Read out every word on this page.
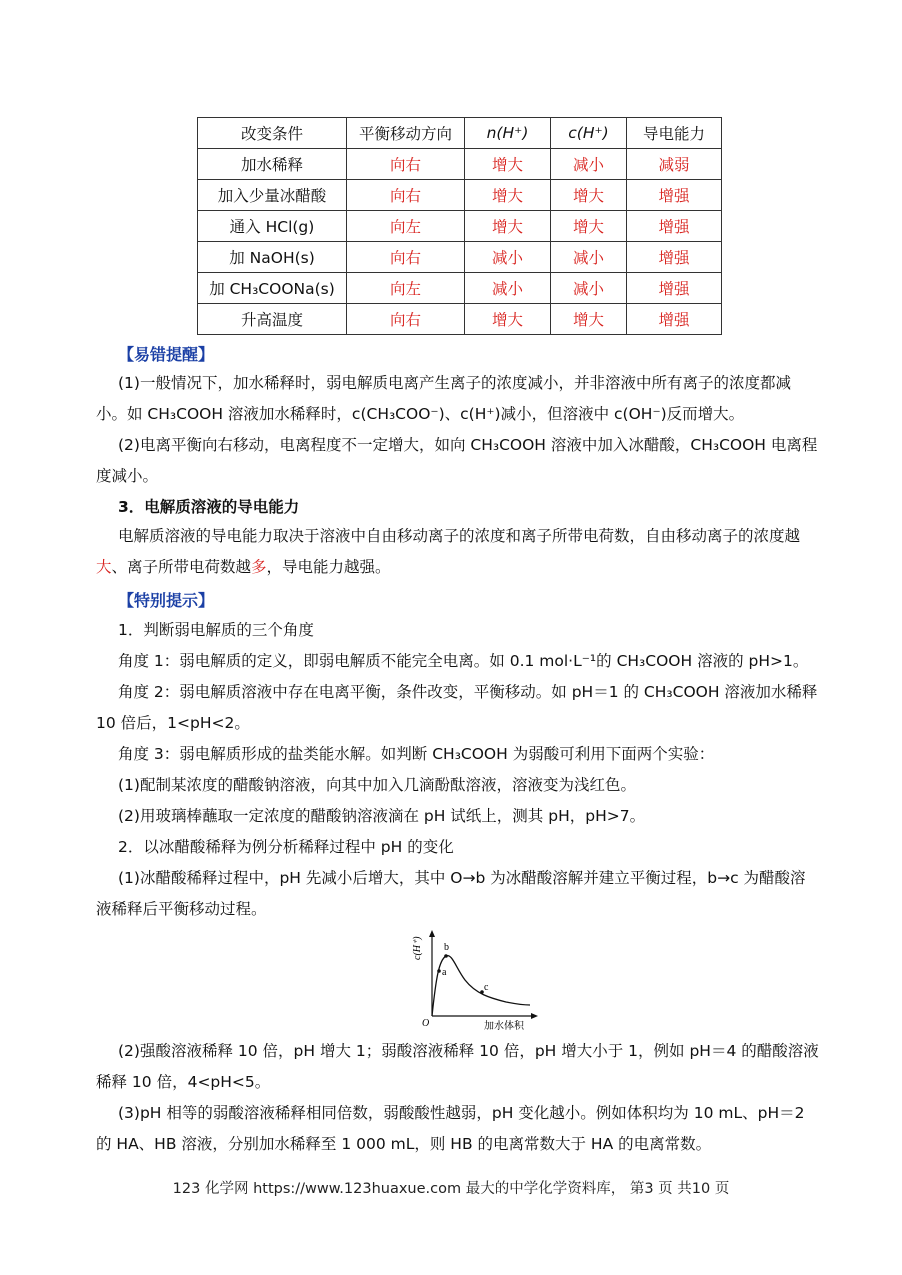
改变条件	平衡移动方向	n(H⁺)	c(H⁺)	导电能力
加水稀释	向右	增大	减小	减弱
加入少量冰醋酸	向右	增大	增大	增强
通入 HCl(g)	向左	增大	增大	增强
加 NaOH(s)	向右	减小	减小	增强
加 CH₃COONa(s)	向左	减小	减小	增强
升高温度	向右	增大	增大	增强
【易错提醒】
(1)一般情况下，加水稀释时，弱电解质电离产生离子的浓度减小，并非溶液中所有离子的浓度都减小。如 CH₃COOH 溶液加水稀释时，c(CH₃COO⁻)、c(H⁺)减小，但溶液中 c(OH⁻)反而增大。
(2)电离平衡向右移动，电离程度不一定增大，如向 CH₃COOH 溶液中加入冰醋酸，CH₃COOH 电离程度减小。
3．电解质溶液的导电能力
电解质溶液的导电能力取决于溶液中自由移动离子的浓度和离子所带电荷数，自由移动离子的浓度越大、离子所带电荷数越多，导电能力越强。
【特别提示】
1．判断弱电解质的三个角度
角度 1：弱电解质的定义，即弱电解质不能完全电离。如 0.1 mol·L⁻¹的 CH₃COOH 溶液的 pH>1。
角度 2：弱电解质溶液中存在电离平衡，条件改变，平衡移动。如 pH＝1 的 CH₃COOH 溶液加水稀释 10 倍后，1<pH<2。
角度 3：弱电解质形成的盐类能水解。如判断 CH₃COOH 为弱酸可利用下面两个实验：
(1)配制某浓度的醋酸钠溶液，向其中加入几滴酚酞溶液，溶液变为浅红色。
(2)用玻璃棒蘸取一定浓度的醋酸钠溶液滴在 pH 试纸上，测其 pH，pH>7。
2．以冰醋酸稀释为例分析稀释过程中 pH 的变化
(1)冰醋酸稀释过程中，pH 先减小后增大，其中 O→b 为冰醋酸溶解并建立平衡过程，b→c 为醋酸溶液稀释后平衡移动过程。
c(H⁺)
a
b
c
O	加水体积
(2)强酸溶液稀释 10 倍，pH 增大 1；弱酸溶液稀释 10 倍，pH 增大小于 1，例如 pH＝4 的醋酸溶液稀释 10 倍，4<pH<5。
(3)pH 相等的弱酸溶液稀释相同倍数，弱酸酸性越弱，pH 变化越小。例如体积均为 10 mL、pH＝2 的 HA、HB 溶液，分别加水稀释至 1 000 mL，则 HB 的电离常数大于 HA 的电离常数。
123 化学网 https://www.123huaxue.com 最大的中学化学资料库， 第3 页 共10 页
